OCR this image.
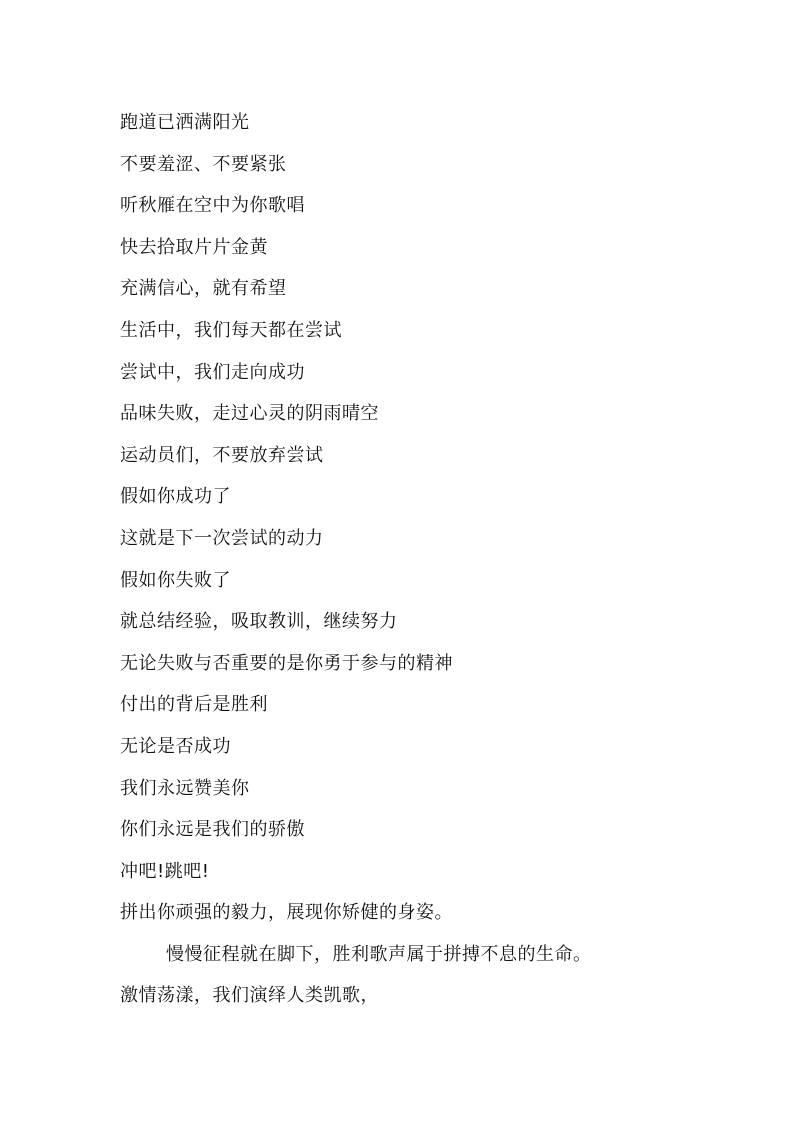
跑道已洒满阳光
不要羞涩、不要紧张
听秋雁在空中为你歌唱
快去拾取片片金黄
充满信心，就有希望
生活中，我们每天都在尝试
尝试中，我们走向成功
品味失败，走过心灵的阴雨晴空
运动员们，不要放弃尝试
假如你成功了
这就是下一次尝试的动力
假如你失败了
就总结经验，吸取教训，继续努力
无论失败与否重要的是你勇于参与的精神
付出的背后是胜利
无论是否成功
我们永远赞美你
你们永远是我们的骄傲
冲吧!跳吧!
拼出你顽强的毅力，展现你矫健的身姿。
慢慢征程就在脚下，胜利歌声属于拼搏不息的生命。
激情荡漾，我们演绎人类凯歌，
